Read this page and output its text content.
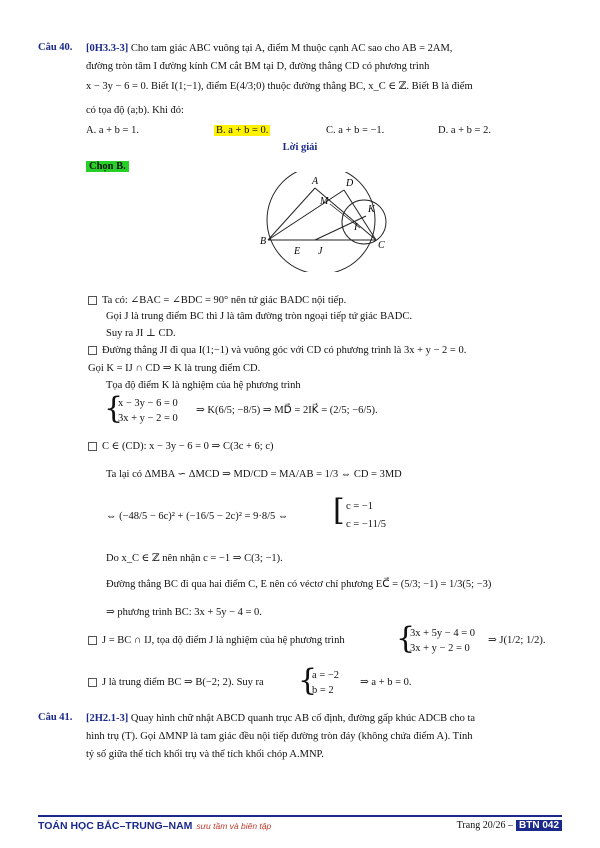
Câu 40. [0H3.3-3] Cho tam giác ABC vuông tại A, điểm M thuộc cạnh AC sao cho AB = 2AM,
đường tròn tâm I đường kính CM cắt BM tại D, đường thẳng CD có phương trình
x − 3y − 6 = 0. Biết I(1;−1), điểm E(4/3;0) thuộc đường thẳng BC, x_C ∈ ℤ. Biết B là điểm
có tọa độ (a;b). Khi đó:
A. a + b = 1.	B. a + b = 0.	C. a + b = −1.	D. a + b = 2.
Lời giải
Chọn B.
A	D
M
K
I
B
E J
C
Ta có: ∠BAC = ∠BDC = 90° nên tứ giác BADC nội tiếp.
Gọi J là trung điểm BC thì J là tâm đường tròn ngoại tiếp tứ giác BADC.
Suy ra JI ⊥ CD.
Đường thẳng JI đi qua I(1;−1) và vuông góc với CD có phương trình là 3x + y − 2 = 0.
Gọi K = IJ ∩ CD ⇒ K là trung điểm CD.
Tọa độ điểm K là nghiệm của hệ phương trình
{
x − 3y − 6 = 0
3x + y − 2 = 0
⇒ K(6/5; −8/5) ⇒ MD⃗ = 2IK⃗ = (2/5; −6/5).
C ∈ (CD): x − 3y − 6 = 0 ⇒ C(3c + 6; c)
Ta lại có ΔMBA ∽ ΔMCD ⇒ MD/CD = MA/AB = 1/3 ⇔ CD = 3MD
⇔ (−48/5 − 6c)² + (−16/5 − 2c)² = 9·8/5 ⇔ [ c = −1
c = −11/5
Do x_C ∈ ℤ nên nhận c = −1 ⇒ C(3; −1).
Đường thẳng BC đi qua hai điểm C, E nên có véctơ chỉ phương EC⃗ = (5/3; −1) = 1/3(5; −3)
⇒ phương trình BC: 3x + 5y − 4 = 0.
J = BC ∩ IJ, tọa độ điểm J là nghiệm của hệ phương trình {
3x + 5y − 4 = 0
3x + y − 2 = 0
⇒ J(1/2; 1/2).
J là trung điểm BC ⇒ B(−2; 2). Suy ra {
a = −2
b = 2
⇒ a + b = 0.
Câu 41. [2H2.1-3] Quay hình chữ nhật ABCD quanh trục AB cố định, đường gấp khúc ADCB cho ta
hình trụ (T). Gọi ΔMNP là tam giác đều nội tiếp đường tròn đáy (không chứa điểm A). Tính
tỷ số giữa thể tích khối trụ và thể tích khối chóp A.MNP.
TOÁN HỌC BẮC–TRUNG–NAM sưu tầm và biên tập	Trang 20/26 – BTN 042
